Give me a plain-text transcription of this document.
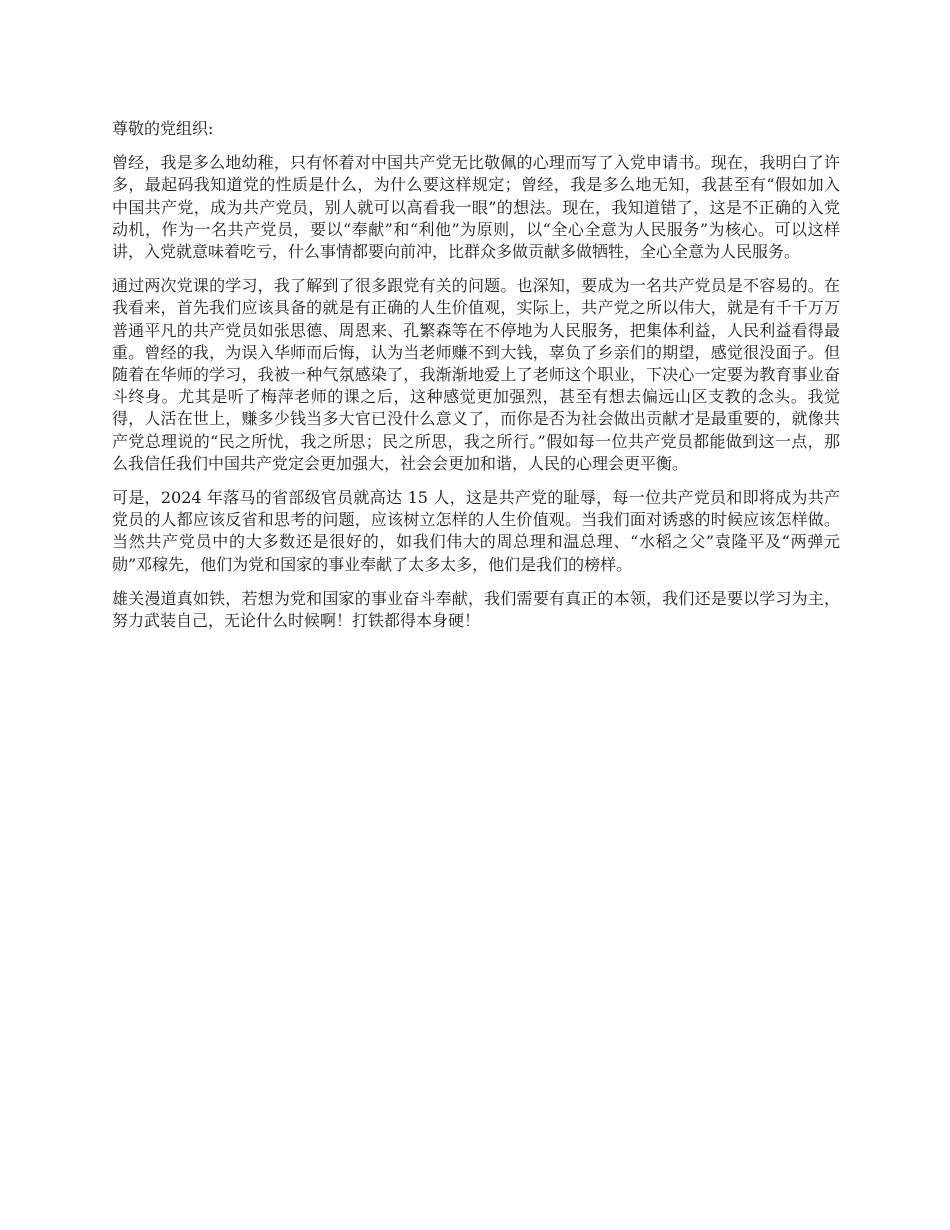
尊敬的党组织:

曾经，我是多么地幼稚，只有怀着对中国共产党无比敬佩的心理而写了入党申请书。现在，我明白了许多，最起码我知道党的性质是什么，为什么要这样规定；曾经，我是多么地无知，我甚至有“假如加入中国共产党，成为共产党员，别人就可以高看我一眼”的想法。现在，我知道错了，这是不正确的入党动机，作为一名共产党员，要以“奉献”和“利他”为原则，以“全心全意为人民服务”为核心。可以这样讲，入党就意味着吃亏，什么事情都要向前冲，比群众多做贡献多做牺牲，全心全意为人民服务。

通过两次党课的学习，我了解到了很多跟党有关的问题。也深知，要成为一名共产党员是不容易的。在我看来，首先我们应该具备的就是有正确的人生价值观，实际上，共产党之所以伟大，就是有千千万万普通平凡的共产党员如张思德、周恩来、孔繁森等在不停地为人民服务，把集体利益，人民利益看得最重。曾经的我，为误入华师而后悔，认为当老师赚不到大钱，辜负了乡亲们的期望，感觉很没面子。但随着在华师的学习，我被一种气氛感染了，我渐渐地爱上了老师这个职业，下决心一定要为教育事业奋斗终身。尤其是听了梅萍老师的课之后，这种感觉更加强烈，甚至有想去偏远山区支教的念头。我觉得，人活在世上，赚多少钱当多大官已没什么意义了，而你是否为社会做出贡献才是最重要的，就像共产党总理说的“民之所忧，我之所思；民之所思，我之所行。”假如每一位共产党员都能做到这一点，那么我信任我们中国共产党定会更加强大，社会会更加和谐，人民的心理会更平衡。

可是，2024 年落马的省部级官员就高达 15 人，这是共产党的耻辱，每一位共产党员和即将成为共产党员的人都应该反省和思考的问题，应该树立怎样的人生价值观。当我们面对诱惑的时候应该怎样做。当然共产党员中的大多数还是很好的，如我们伟大的周总理和温总理、“水稻之父”袁隆平及“两弹元勋”邓稼先，他们为党和国家的事业奉献了太多太多，他们是我们的榜样。

雄关漫道真如铁，若想为党和国家的事业奋斗奉献，我们需要有真正的本领，我们还是要以学习为主，努力武装自己，无论什么时候啊！打铁都得本身硬！
